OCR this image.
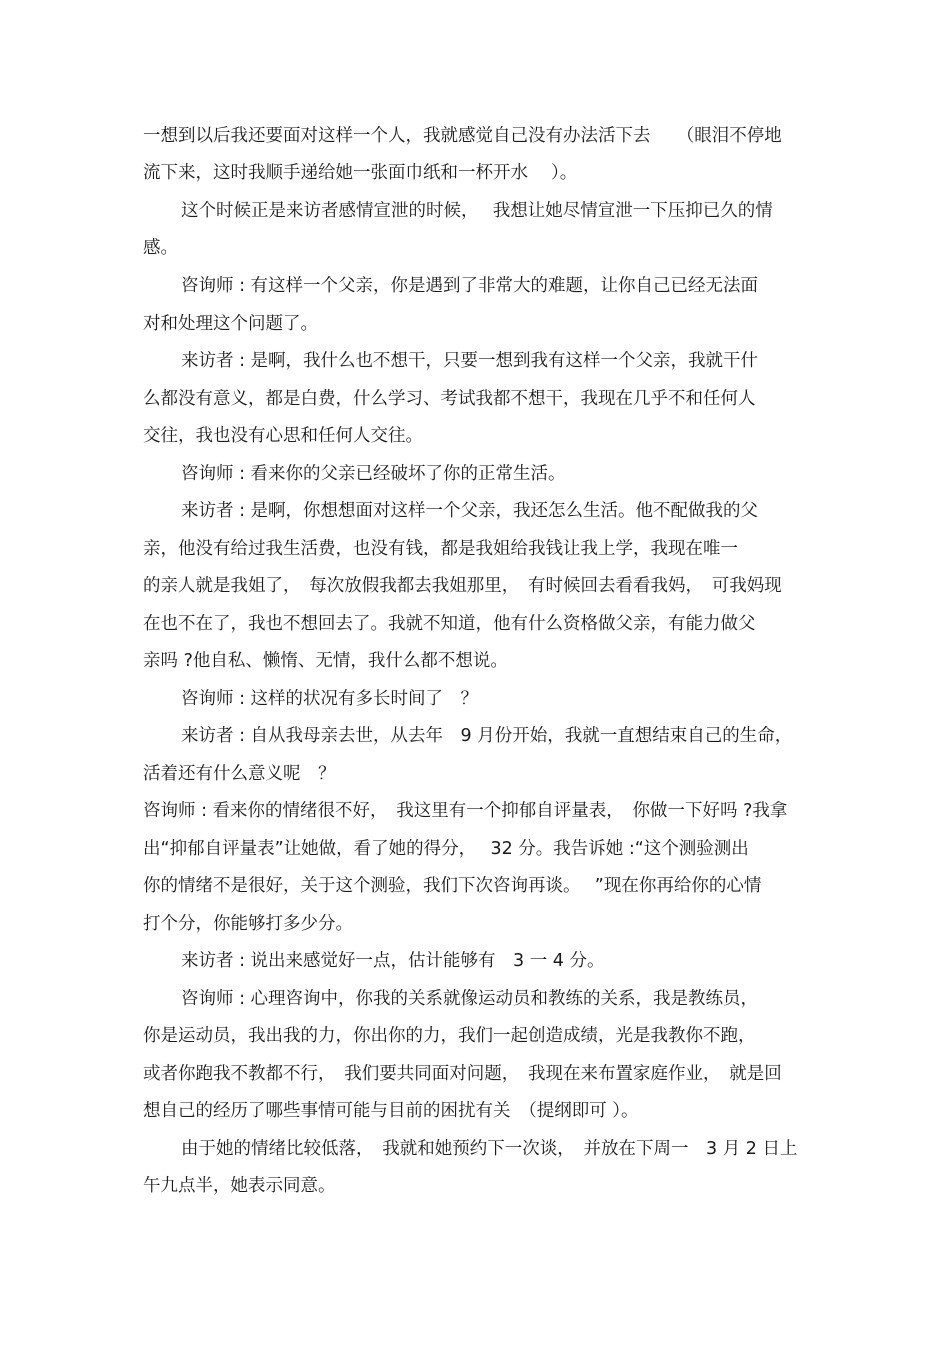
一想到以后我还要面对这样一个人，我就感觉自己没有办法活下去　　（眼泪不停地
流下来，这时我顺手递给她一张面巾纸和一杯开水　 ）。
这个时候正是来访者感情宣泄的时候，　 我想让她尽情宣泄一下压抑已久的情
感。
咨询师 : 有这样一个父亲，你是遇到了非常大的难题，让你自己已经无法面
对和处理这个问题了。
来访者 : 是啊，我什么也不想干，只要一想到我有这样一个父亲，我就干什
么都没有意义，都是白费，什么学习、考试我都不想干，我现在几乎不和任何人
交往，我也没有心思和任何人交往。
咨询师 : 看来你的父亲已经破坏了你的正常生活。
来访者 : 是啊，你想想面对这样一个父亲，我还怎么生活。他不配做我的父
亲，他没有给过我生活费，也没有钱，都是我姐给我钱让我上学，我现在唯一
的亲人就是我姐了，　每次放假我都去我姐那里，　有时候回去看看我妈，　可我妈现
在也不在了，我也不想回去了。我就不知道，他有什么资格做父亲，有能力做父
亲吗 ?他自私、懒惰、无情，我什么都不想说。
咨询师 : 这样的状况有多长时间了　？
来访者 : 自从我母亲去世，从去年　9 月份开始，我就一直想结束自己的生命，
活着还有什么意义呢　？
咨询师 : 看来你的情绪很不好，　我这里有一个抑郁自评量表，　你做一下好吗 ?我拿
出“抑郁自评量表”让她做，看了她的得分，　 32 分。我告诉她 :“这个测验测出
你的情绪不是很好，关于这个测验，我们下次咨询再谈。　 ”现在你再给你的心情
打个分，你能够打多少分。
来访者 : 说出来感觉好一点，估计能够有　3 一 4 分。
咨询师 : 心理咨询中，你我的关系就像运动员和教练的关系，我是教练员，
你是运动员，我出我的力，你出你的力，我们一起创造成绩，光是我教你不跑，
或者你跑我不教都不行，　我们要共同面对问题，　我现在来布置家庭作业，　就是回
想自己的经历了哪些事情可能与目前的困扰有关　（提纲即可 ）。
由于她的情绪比较低落，　我就和她预约下一次谈，　并放在下周一　3 月 2 日上
午九点半，她表示同意。
